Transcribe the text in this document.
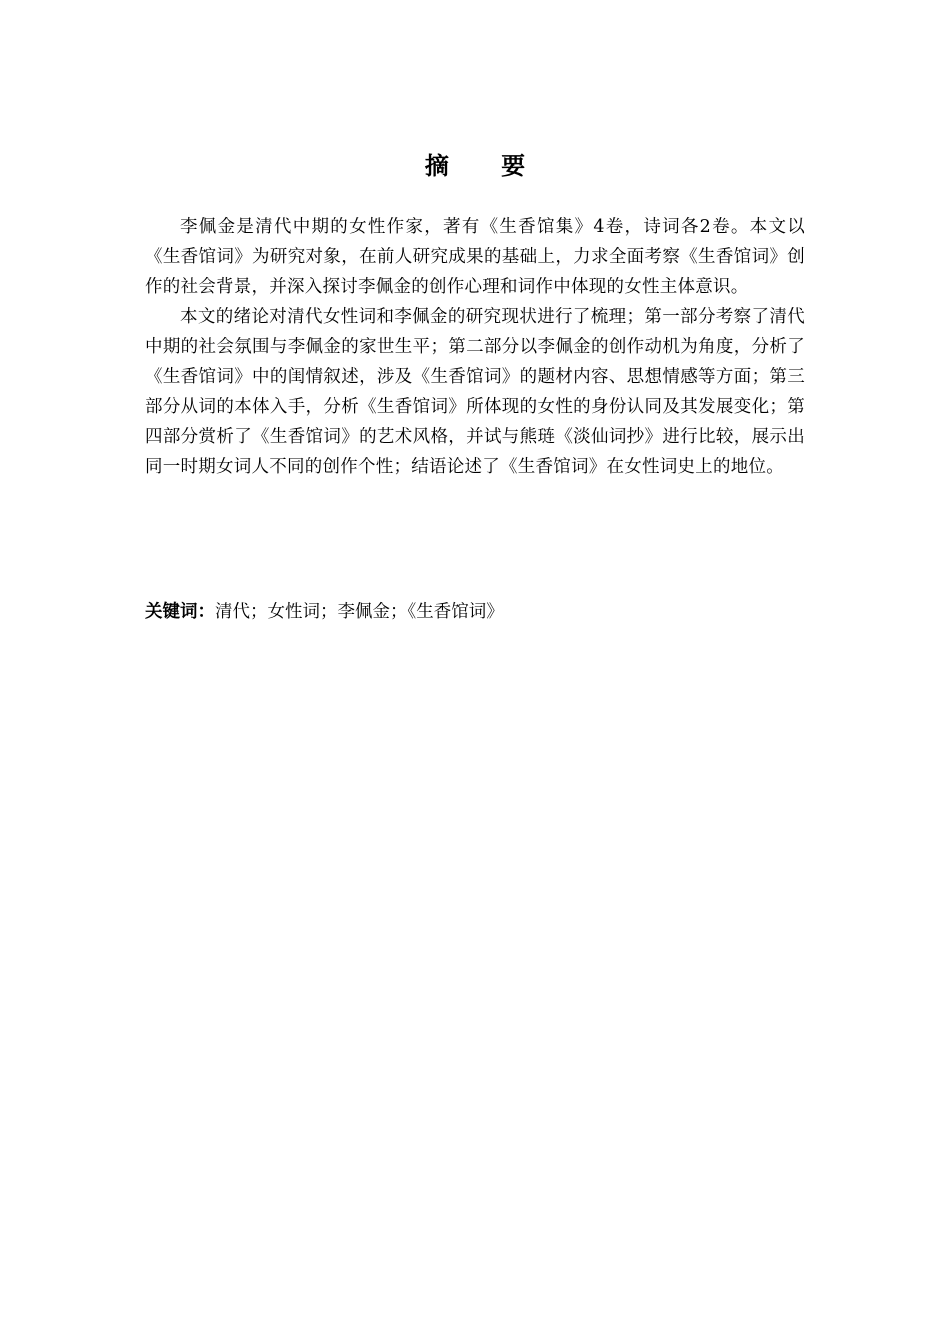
摘 要

李佩金是清代中期的女性作家，著有《生香馆集》4卷，诗词各2卷。本文以《生香馆词》为研究对象，在前人研究成果的基础上，力求全面考察《生香馆词》创作的社会背景，并深入探讨李佩金的创作心理和词作中体现的女性主体意识。

本文的绪论对清代女性词和李佩金的研究现状进行了梳理；第一部分考察了清代中期的社会氛围与李佩金的家世生平；第二部分以李佩金的创作动机为角度，分析了《生香馆词》中的闺情叙述，涉及《生香馆词》的题材内容、思想情感等方面；第三部分从词的本体入手，分析《生香馆词》所体现的女性的身份认同及其发展变化；第四部分赏析了《生香馆词》的艺术风格，并试与熊琏《淡仙词抄》进行比较，展示出同一时期女词人不同的创作个性；结语论述了《生香馆词》在女性词史上的地位。

关键词：清代；女性词；李佩金；《生香馆词》
